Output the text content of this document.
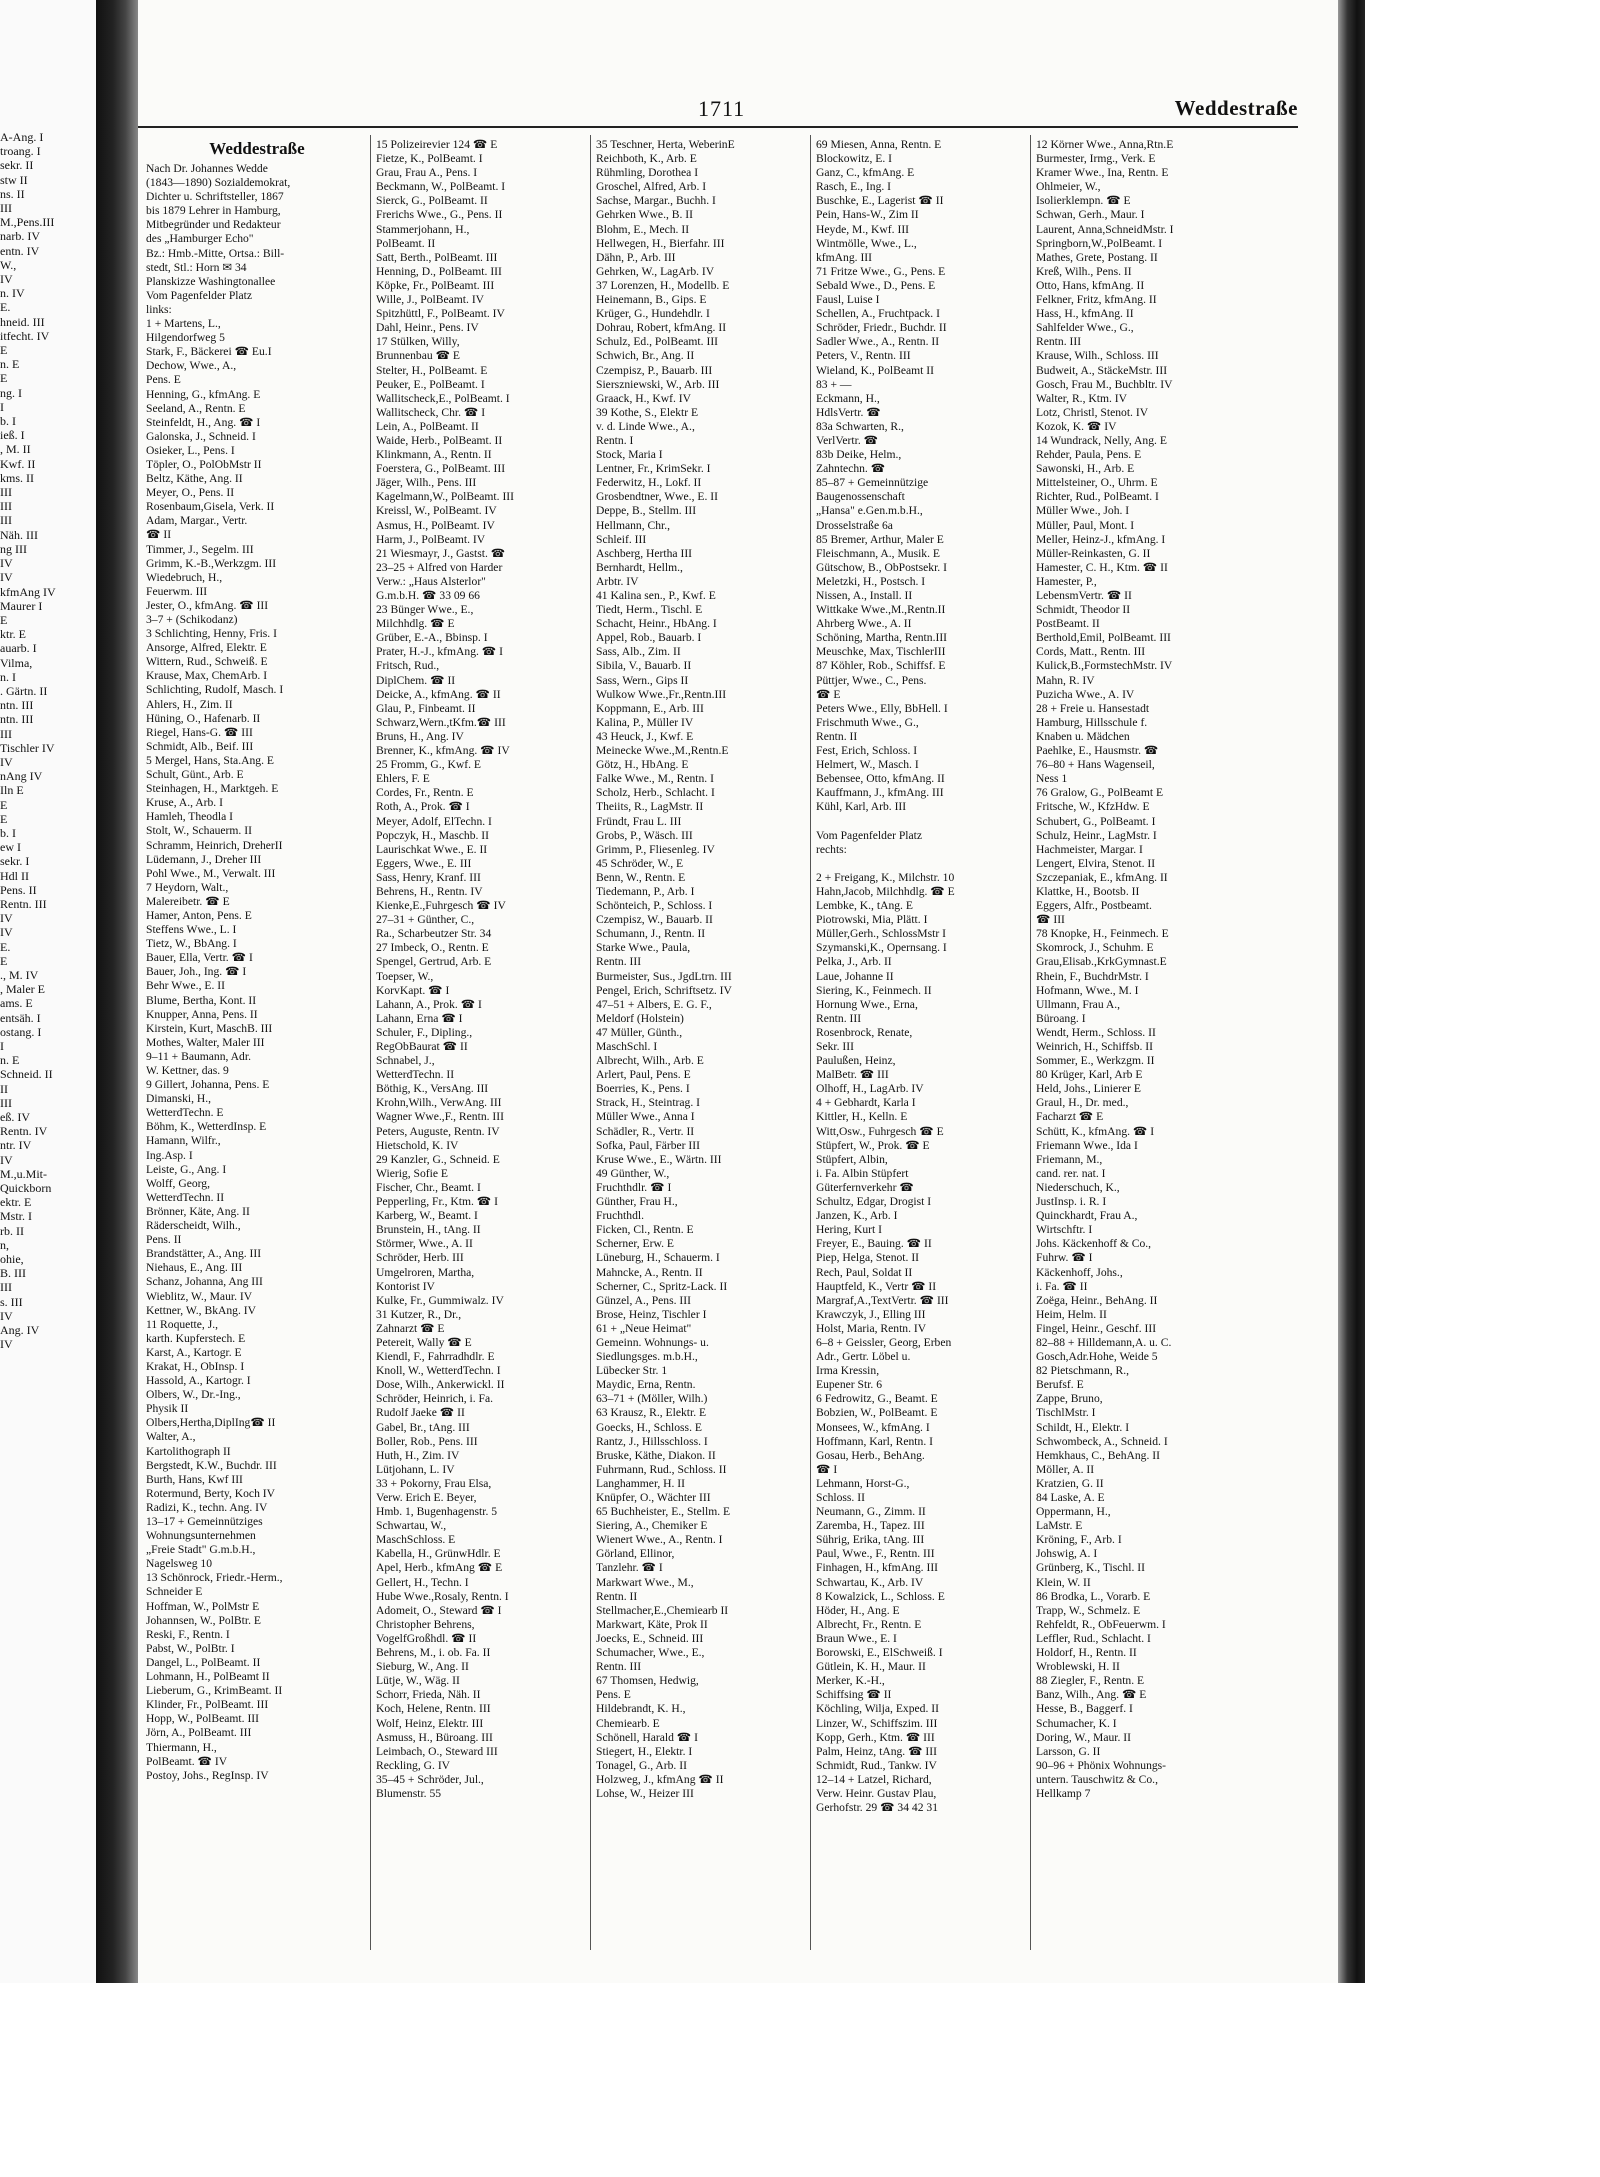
A-Ang. I
troang. I
sekr. II
stw II
ns. II
III
M.,Pens.III
narb. IV
entn. IV
W.,
IV
n. IV
E.
hneid. III
itfecht. IV
E
n. E
E
ng. I
I
b. I
ieß. I
, M. II
Kwf. II
kms. II
III
III
III
Näh. III
ng III
IV
IV
kfmAng IV
Maurer I
E
ktr. E
auarb. I
Vilma,
n. I
. Gärtn. II
ntn. III
ntn. III
III
Tischler IV
IV
nAng IV
Iln E
E
E
b. I
ew I
sekr. I
Hdl II
Pens. II
Rentn. III
IV
IV
E.
E
., M. IV
, Maler E
ams. E
entsäh. I
ostang. I
I
n. E
Schneid. II
II
III
eß. IV
Rentn. IV
ntr. IV
IV
M.,u.Mit-
Quickborn
ektr. E
Mstr. I
rb. II
n,
ohie,
B. III
III
s. III
IV
Ang. IV
IV
1711	Weddestraße
Weddestraße
Nach Dr. Johannes Wedde
(1843—1890) Sozialdemokrat,
Dichter u. Schriftsteller, 1867
bis 1879 Lehrer in Hamburg,
Mitbegründer und Redakteur
des „Hamburger Echo"
Bz.: Hmb.-Mitte, Ortsa.: Bill-
stedt, Stl.: Horn ✉ 34
Planskizze Washingtonallee
Vom Pagenfelder Platz
links:
1 + Martens, L.,
Hilgendorfweg 5
Stark, F., Bäckerei ☎ Eu.I
Dechow, Wwe., A.,
Pens. E
Henning, G., kfmAng. E
Seeland, A., Rentn. E
Steinfeldt, H., Ang. ☎ I
Galonska, J., Schneid. I
Osieker, L., Pens. I
Töpler, O., PolObMstr II
Beltz, Käthe, Ang. II
Meyer, O., Pens. II
Rosenbaum,Gisela, Verk. II
Adam, Margar., Vertr.
☎ II
Timmer, J., Segelm. III
Grimm, K.-B.,Werkzgm. III
Wiedebruch, H.,
Feuerwm. III
Jester, O., kfmAng. ☎ III
3–7 + (Schikodanz)
3 Schlichting, Henny, Fris. I
Ansorge, Alfred, Elektr. E
Wittern, Rud., Schweiß. E
Krause, Max, ChemArb. I
Schlichting, Rudolf, Masch. I
Ahlers, H., Zim. II
Hüning, O., Hafenarb. II
Riegel, Hans-G. ☎ III
Schmidt, Alb., Beif. III
5 Mergel, Hans, Sta.Ang. E
Schult, Günt., Arb. E
Steinhagen, H., Marktgeh. E
Kruse, A., Arb. I
Hamleh, Theodla I
Stolt, W., Schauerm. II
Schramm, Heinrich, DreherII
Lüdemann, J., Dreher III
Pohl Wwe., M., Verwalt. III
7 Heydorn, Walt.,
Malereibetr. ☎ E
Hamer, Anton, Pens. E
Steffens Wwe., L. I
Tietz, W., BbAng. I
Bauer, Ella, Vertr. ☎ I
Bauer, Joh., Ing. ☎ I
Behr Wwe., E. II
Blume, Bertha, Kont. II
Knupper, Anna, Pens. II
Kirstein, Kurt, MaschB. III
Mothes, Walter, Maler III
9–11 + Baumann, Adr.
W. Kettner, das. 9
9 Gillert, Johanna, Pens. E
Dimanski, H.,
WetterdTechn. E
Böhm, K., WetterdInsp. E
Hamann, Wilfr.,
Ing.Asp. I
Leiste, G., Ang. I
Wolff, Georg,
WetterdTechn. II
Brönner, Käte, Ang. II
Räderscheidt, Wilh.,
Pens. II
Brandstätter, A., Ang. III
Niehaus, E., Ang. III
Schanz, Johanna, Ang III
Wieblitz, W., Maur. IV
Kettner, W., BkAng. IV
11 Roquette, J.,
karth. Kupferstech. E
Karst, A., Kartogr. E
Krakat, H., ObInsp. I
Hassold, A., Kartogr. I
Olbers, W., Dr.-Ing.,
Physik II
Olbers,Hertha,DiplIng☎ II
Walter, A.,
Kartolithograph II
Bergstedt, K.W., Buchdr. III
Burth, Hans, Kwf III
Rotermund, Berty, Koch IV
Radizi, K., techn. Ang. IV
13–17 + Gemeinnütziges
Wohnungsunternehmen
„Freie Stadt" G.m.b.H.,
Nagelsweg 10
13 Schönrock, Friedr.-Herm.,
Schneider E
Hoffman, W., PolMstr E
Johannsen, W., PolBtr. E
Reski, F., Rentn. I
Pabst, W., PolBtr. I
Dangel, L., PolBeamt. II
Lohmann, H., PolBeamt II
Lieberum, G., KrimBeamt. II
Klinder, Fr., PolBeamt. III
Hopp, W., PolBeamt. III
Jörn, A., PolBeamt. III
Thiermann, H.,
PolBeamt. ☎ IV
Postoy, Johs., RegInsp. IV
15 Polizeirevier 124 ☎ E
Fietze, K., PolBeamt. I
Grau, Frau A., Pens. I
Beckmann, W., PolBeamt. I
Sierck, G., PolBeamt. II
Frerichs Wwe., G., Pens. II
Stammerjohann, H.,
PolBeamt. II
Satt, Berth., PolBeamt. III
Henning, D., PolBeamt. III
Köpke, Fr., PolBeamt. III
Wille, J., PolBeamt. IV
Spitzhüttl, F., PolBeamt. IV
Dahl, Heinr., Pens. IV
17 Stülken, Willy,
Brunnenbau ☎ E
Stelter, H., PolBeamt. E
Peuker, E., PolBeamt. I
Wallitscheck,E., PolBeamt. I
Wallitscheck, Chr. ☎ I
Lein, A., PolBeamt. II
Waide, Herb., PolBeamt. II
Klinkmann, A., Rentn. II
Foerstera, G., PolBeamt. III
Jäger, Wilh., Pens. III
Kagelmann,W., PolBeamt. III
Kreissl, W., PolBeamt. IV
Asmus, H., PolBeamt. IV
Harm, J., PolBeamt. IV
21 Wiesmayr, J., Gastst. ☎
23–25 + Alfred von Harder
Verw.: „Haus Alsterlor"
G.m.b.H. ☎ 33 09 66
23 Bünger Wwe., E.,
Milchhdlg. ☎ E
Grüber, E.-A., Bbinsp. I
Prater, H.-J., kfmAng. ☎ I
Fritsch, Rud.,
DiplChem. ☎ II
Deicke, A., kfmAng. ☎ II
Glau, P., Finbeamt. II
Schwarz,Wern.,tKfm.☎ III
Bruns, H., Ang. IV
Brenner, K., kfmAng. ☎ IV
25 Fromm, G., Kwf. E
Ehlers, F. E
Cordes, Fr., Rentn. E
Roth, A., Prok. ☎ I
Meyer, Adolf, ElTechn. I
Popczyk, H., Maschb. II
Laurischkat Wwe., E. II
Eggers, Wwe., E. III
Sass, Henry, Kranf. III
Behrens, H., Rentn. IV
Kienke,E.,Fuhrgesch ☎ IV
27–31 + Günther, C.,
Ra., Scharbeutzer Str. 34
27 Imbeck, O., Rentn. E
Spengel, Gertrud, Arb. E
Toepser, W.,
KorvKapt. ☎ I
Lahann, A., Prok. ☎ I
Lahann, Erna ☎ I
Schuler, F., Dipling.,
RegObBaurat ☎ II
Schnabel, J.,
WetterdTechn. II
Böthig, K., VersAng. III
Krohn,Wilh., VerwAng. III
Wagner Wwe.,F., Rentn. III
Peters, Auguste, Rentn. IV
Hietschold, K. IV
29 Kanzler, G., Schneid. E
Wierig, Sofie E
Fischer, Chr., Beamt. I
Pepperling, Fr., Ktm. ☎ I
Karberg, W., Beamt. I
Brunstein, H., tAng. II
Störmer, Wwe., A. II
Schröder, Herb. III
Umgelroren, Martha,
Kontorist IV
Kulke, Fr., Gummiwalz. IV
31 Kutzer, R., Dr.,
Zahnarzt ☎ E
Petereit, Wally ☎ E
Kiendl, F., Fahrradhdlr. E
Knoll, W., WetterdTechn. I
Dose, Wilh., Ankerwickl. II
Schröder, Heinrich, i. Fa.
Rudolf Jaeke ☎ II
Gabel, Br., tAng. III
Boller, Rob., Pens. III
Huth, H., Zim. IV
Lütjohann, L. IV
33 + Pokorny, Frau Elsa,
Verw. Erich E. Beyer,
Hmb. 1, Bugenhagenstr. 5
Schwartau, W.,
MaschSchloss. E
Kabella, H., GrünwHdlr. E
Apel, Herb., kfmAng ☎ E
Gellert, H., Techn. I
Hube Wwe.,Rosaly, Rentn. I
Adomeit, O., Steward ☎ I
Christopher Behrens,
VogelfGroßhdl. ☎ II
Behrens, M., i. ob. Fa. II
Sieburg, W., Ang. II
Lütje, W., Wäg. II
Schorr, Frieda, Näh. II
Koch, Helene, Rentn. III
Wolf, Heinz, Elektr. III
Asmuss, H., Büroang. III
Leimbach, O., Steward III
Reckling, G. IV
35–45 + Schröder, Jul.,
Blumenstr. 55
35 Teschner, Herta, WeberinE
Reichboth, K., Arb. E
Rühmling, Dorothea I
Groschel, Alfred, Arb. I
Sachse, Margar., Buchh. I
Gehrken Wwe., B. II
Blohm, E., Mech. II
Hellwegen, H., Bierfahr. III
Dähn, P., Arb. III
Gehrken, W., LagArb. IV
37 Lorenzen, H., Modellb. E
Heinemann, B., Gips. E
Krüger, G., Hundehdlr. I
Dohrau, Robert, kfmAng. II
Schulz, Ed., PolBeamt. III
Schwich, Br., Ang. II
Czempisz, P., Bauarb. III
Sierszniewski, W., Arb. III
Graack, H., Kwf. IV
39 Kothe, S., Elektr E
v. d. Linde Wwe., A.,
Rentn. I
Stock, Maria I
Lentner, Fr., KrimSekr. I
Federwitz, H., Lokf. II
Grosbendtner, Wwe., E. II
Deppe, B., Stellm. III
Hellmann, Chr.,
Schleif. III
Aschberg, Hertha III
Bernhardt, Hellm.,
Arbtr. IV
41 Kalina sen., P., Kwf. E
Tiedt, Herm., Tischl. E
Schacht, Heinr., HbAng. I
Appel, Rob., Bauarb. I
Sass, Alb., Zim. II
Sibila, V., Bauarb. II
Sass, Wern., Gips II
Wulkow Wwe.,Fr.,Rentn.III
Koppmann, E., Arb. III
Kalina, P., Müller IV
43 Heuck, J., Kwf. E
Meinecke Wwe.,M.,Rentn.E
Götz, H., HbAng. E
Falke Wwe., M., Rentn. I
Scholz, Herb., Schlacht. I
Theiits, R., LagMstr. II
Fründt, Frau L. III
Grobs, P., Wäsch. III
Grimm, P., Fliesenleg. IV
45 Schröder, W., E
Benn, W., Rentn. E
Tiedemann, P., Arb. I
Schönteich, P., Schloss. I
Czempisz, W., Bauarb. II
Schumann, J., Rentn. II
Starke Wwe., Paula,
Rentn. III
Burmeister, Sus., JgdLtrn. III
Pengel, Erich, Schriftsetz. IV
47–51 + Albers, E. G. F.,
Meldorf (Holstein)
47 Müller, Günth.,
MaschSchl. I
Albrecht, Wilh., Arb. E
Arlert, Paul, Pens. E
Boerries, K., Pens. I
Strack, H., Steintrag. I
Müller Wwe., Anna I
Schädler, R., Vertr. II
Sofka, Paul, Färber III
Kruse Wwe., E., Wärtn. III
49 Günther, W.,
Fruchthdlr. ☎ I
Günther, Frau H.,
Fruchthdl.
Ficken, Cl., Rentn. E
Scherner, Erw. E
Lüneburg, H., Schauerm. I
Mahncke, A., Rentn. II
Scherner, C., Spritz-Lack. II
Günzel, A., Pens. III
Brose, Heinz, Tischler I
61 + „Neue Heimat"
Gemeinn. Wohnungs- u.
Siedlungsges. m.b.H.,
Lübecker Str. 1
Maydic, Erna, Rentn.
63–71 + (Möller, Wilh.)
63 Krausz, R., Elektr. E
Goecks, H., Schloss. E
Rantz, J., Hillsschloss. I
Bruske, Käthe, Diakon. II
Fuhrmann, Rud., Schloss. II
Langhammer, H. II
Knüpfer, O., Wächter III
65 Buchheister, E., Stellm. E
Siering, A., Chemiker E
Wienert Wwe., A., Rentn. I
Görland, Ellinor,
Tanzlehr. ☎ I
Markwart Wwe., M.,
Rentn. II
Stellmacher,E.,Chemiearb II
Markwart, Käte, Prok II
Joecks, E., Schneid. III
Schumacher, Wwe., E.,
Rentn. III
67 Thomsen, Hedwig,
Pens. E
Hildebrandt, K. H.,
Chemiearb. E
Schönell, Harald ☎ I
Stiegert, H., Elektr. I
Tonagel, G., Arb. II
Holzweg, J., kfmAng ☎ II
Lohse, W., Heizer III
69 Miesen, Anna, Rentn. E
Blockowitz, E. I
Ganz, C., kfmAng. E
Rasch, E., Ing. I
Buschke, E., Lagerist ☎ II
Pein, Hans-W., Zim II
Heyde, M., Kwf. III
Wintmölle, Wwe., L.,
kfmAng. III
71 Fritze Wwe., G., Pens. E
Sebald Wwe., D., Pens. E
Fausl, Luise I
Schellen, A., Fruchtpack. I
Schröder, Friedr., Buchdr. II
Sadler Wwe., A., Rentn. II
Peters, V., Rentn. III
Wieland, K., PolBeamt II
83 + —
Eckmann, H.,
HdlsVertr. ☎
83a Schwarten, R.,
VerlVertr. ☎
83b Deike, Helm.,
Zahntechn. ☎
85–87 + Gemeinnützige
Baugenossenschaft
„Hansa" e.Gen.m.b.H.,
Drosselstraße 6a
85 Bremer, Arthur, Maler E
Fleischmann, A., Musik. E
Gütschow, B., ObPostsekr. I
Meletzki, H., Postsch. I
Nissen, A., Install. II
Wittkake Wwe.,M.,Rentn.II
Ahrberg Wwe., A. II
Schöning, Martha, Rentn.III
Meuschke, Max, TischlerIII
87 Köhler, Rob., Schiffsf. E
Püttjer, Wwe., C., Pens.
☎ E
Peters Wwe., Elly, BbHell. I
Frischmuth Wwe., G.,
Rentn. II
Fest, Erich, Schloss. I
Helmert, W., Masch. I
Bebensee, Otto, kfmAng. II
Kauffmann, J., kfmAng. III
Kühl, Karl, Arb. III
Vom Pagenfelder Platz
rechts:
2 + Freigang, K., Milchstr. 10
Hahn,Jacob, Milchhdlg. ☎ E
Lembke, K., tAng. E
Piotrowski, Mia, Plätt. I
Müller,Gerh., SchlossMstr I
Szymanski,K., Opernsang. I
Pelka, J., Arb. II
Laue, Johanne II
Siering, K., Feinmech. II
Hornung Wwe., Erna,
Rentn. III
Rosenbrock, Renate,
Sekr. III
Paulußen, Heinz,
MalBetr. ☎ III
Olhoff, H., LagArb. IV
4 + Gebhardt, Karla I
Kittler, H., Kelln. E
Witt,Osw., Fuhrgesch ☎ E
Stüpfert, W., Prok. ☎ E
Stüpfert, Albin,
i. Fa. Albin Stüpfert
Güterfernverkehr ☎
Schultz, Edgar, Drogist I
Janzen, K., Arb. I
Hering, Kurt I
Freyer, E., Bauing. ☎ II
Piep, Helga, Stenot. II
Rech, Paul, Soldat II
Hauptfeld, K., Vertr ☎ II
Margraf,A.,TextVertr. ☎ III
Krawczyk, J., Elling III
Holst, Maria, Rentn. IV
6–8 + Geissler, Georg, Erben
Adr., Gertr. Löbel u.
Irma Kressin,
Eupener Str. 6
6 Fedrowitz, G., Beamt. E
Bobzien, W., PolBeamt. E
Monsees, W., kfmAng. I
Hoffmann, Karl, Rentn. I
Gosau, Herb., BehAng.
☎ I
Lehmann, Horst-G.,
Schloss. II
Neumann, G., Zimm. II
Zaremba, H., Tapez. III
Sührig, Erika, tAng. III
Paul, Wwe., F., Rentn. III
Finhagen, H., kfmAng. III
Schwartau, K., Arb. IV
8 Kowalzick, L., Schloss. E
Höder, H., Ang. E
Albrecht, Fr., Rentn. E
Braun Wwe., E. I
Borowski, E., ElSchweiß. I
Gütlein, K. H., Maur. II
Merker, K.-H.,
Schiffsing ☎ II
Köchling, Wilja, Exped. II
Linzer, W., Schiffszim. III
Kopp, Gerh., Ktm. ☎ III
Palm, Heinz, tAng. ☎ III
Schmidt, Rud., Tankw. IV
12–14 + Latzel, Richard,
Verw. Heinr. Gustav Plau,
Gerhofstr. 29 ☎ 34 42 31
12 Körner Wwe., Anna,Rtn.E
Burmester, Irmg., Verk. E
Kramer Wwe., Ina, Rentn. E
Ohlmeier, W.,
Isolierklempn. ☎ E
Schwan, Gerh., Maur. I
Laurent, Anna,SchneidMstr. I
Springborn,W.,PolBeamt. I
Mathes, Grete, Postang. II
Kreß, Wilh., Pens. II
Otto, Hans, kfmAng. II
Felkner, Fritz, kfmAng. II
Hass, H., kfmAng. II
Sahlfelder Wwe., G.,
Rentn. III
Krause, Wilh., Schloss. III
Budweit, A., StäckeMstr. III
Gosch, Frau M., Buchbltr. IV
Walter, R., Ktm. IV
Lotz, Christl, Stenot. IV
Kozok, K. ☎ IV
14 Wundrack, Nelly, Ang. E
Rehder, Paula, Pens. E
Sawonski, H., Arb. E
Mittelsteiner, O., Uhrm. E
Richter, Rud., PolBeamt. I
Müller Wwe., Joh. I
Müller, Paul, Mont. I
Meller, Heinz-J., kfmAng. I
Müller-Reinkasten, G. II
Hamester, C. H., Ktm. ☎ II
Hamester, P.,
LebensmVertr. ☎ II
Schmidt, Theodor II
PostBeamt. II
Berthold,Emil, PolBeamt. III
Cords, Matt., Rentn. III
Kulick,B.,FormstechMstr. IV
Mahn, R. IV
Puzicha Wwe., A. IV
28 + Freie u. Hansestadt
Hamburg, Hillsschule f.
Knaben u. Mädchen
Paehlke, E., Hausmstr. ☎
76–80 + Hans Wagenseil,
Ness 1
76 Gralow, G., PolBeamt E
Fritsche, W., KfzHdw. E
Schubert, G., PolBeamt. I
Schulz, Heinr., LagMstr. I
Hachmeister, Margar. I
Lengert, Elvira, Stenot. II
Szczepaniak, E., kfmAng. II
Klattke, H., Bootsb. II
Eggers, Alfr., Postbeamt.
☎ III
78 Knopke, H., Feinmech. E
Skomrock, J., Schuhm. E
Grau,Elisab.,KrkGymnast.E
Rhein, F., BuchdrMstr. I
Hofmann, Wwe., M. I
Ullmann, Frau A.,
Büroang. I
Wendt, Herm., Schloss. II
Weinrich, H., Schiffsb. II
Sommer, E., Werkzgm. II
80 Krüger, Karl, Arb E
Held, Johs., Linierer E
Graul, H., Dr. med.,
Facharzt ☎ E
Schütt, K., kfmAng. ☎ I
Friemann Wwe., Ida I
Friemann, M.,
cand. rer. nat. I
Niederschuch, K.,
JustInsp. i. R. I
Quinckhardt, Frau A.,
Wirtschftr. I
Johs. Käckenhoff & Co.,
Fuhrw. ☎ I
Käckenhoff, Johs.,
i. Fa. ☎ II
Zoëga, Heinr., BehAng. II
Heim, Helm. II
Fingel, Heinr., Geschf. III
82–88 + Hilldemann,A. u. C.
Gosch,Adr.Hohe, Weide 5
82 Pietschmann, R.,
Berufsf. E
Zappe, Bruno,
TischlMstr. I
Schildt, H., Elektr. I
Schwombeck, A., Schneid. I
Hemkhaus, C., BehAng. II
Möller, A. II
Kratzien, G. II
84 Laske, A. E
Oppermann, H.,
LaMstr. E
Kröning, F., Arb. I
Johswig, A. I
Grünberg, K., Tischl. II
Klein, W. II
86 Brodka, L., Vorarb. E
Trapp, W., Schmelz. E
Rehfeldt, R., ObFeuerwm. I
Leffler, Rud., Schlacht. I
Holdorf, H., Rentn. II
Wroblewski, H. II
88 Ziegler, F., Rentn. E
Banz, Wilh., Ang. ☎ E
Hesse, B., Baggerf. I
Schumacher, K. I
Doring, W., Maur. II
Larsson, G. II
90–96 + Phönix Wohnungs-
untern. Tauschwitz & Co.,
Hellkamp 7
